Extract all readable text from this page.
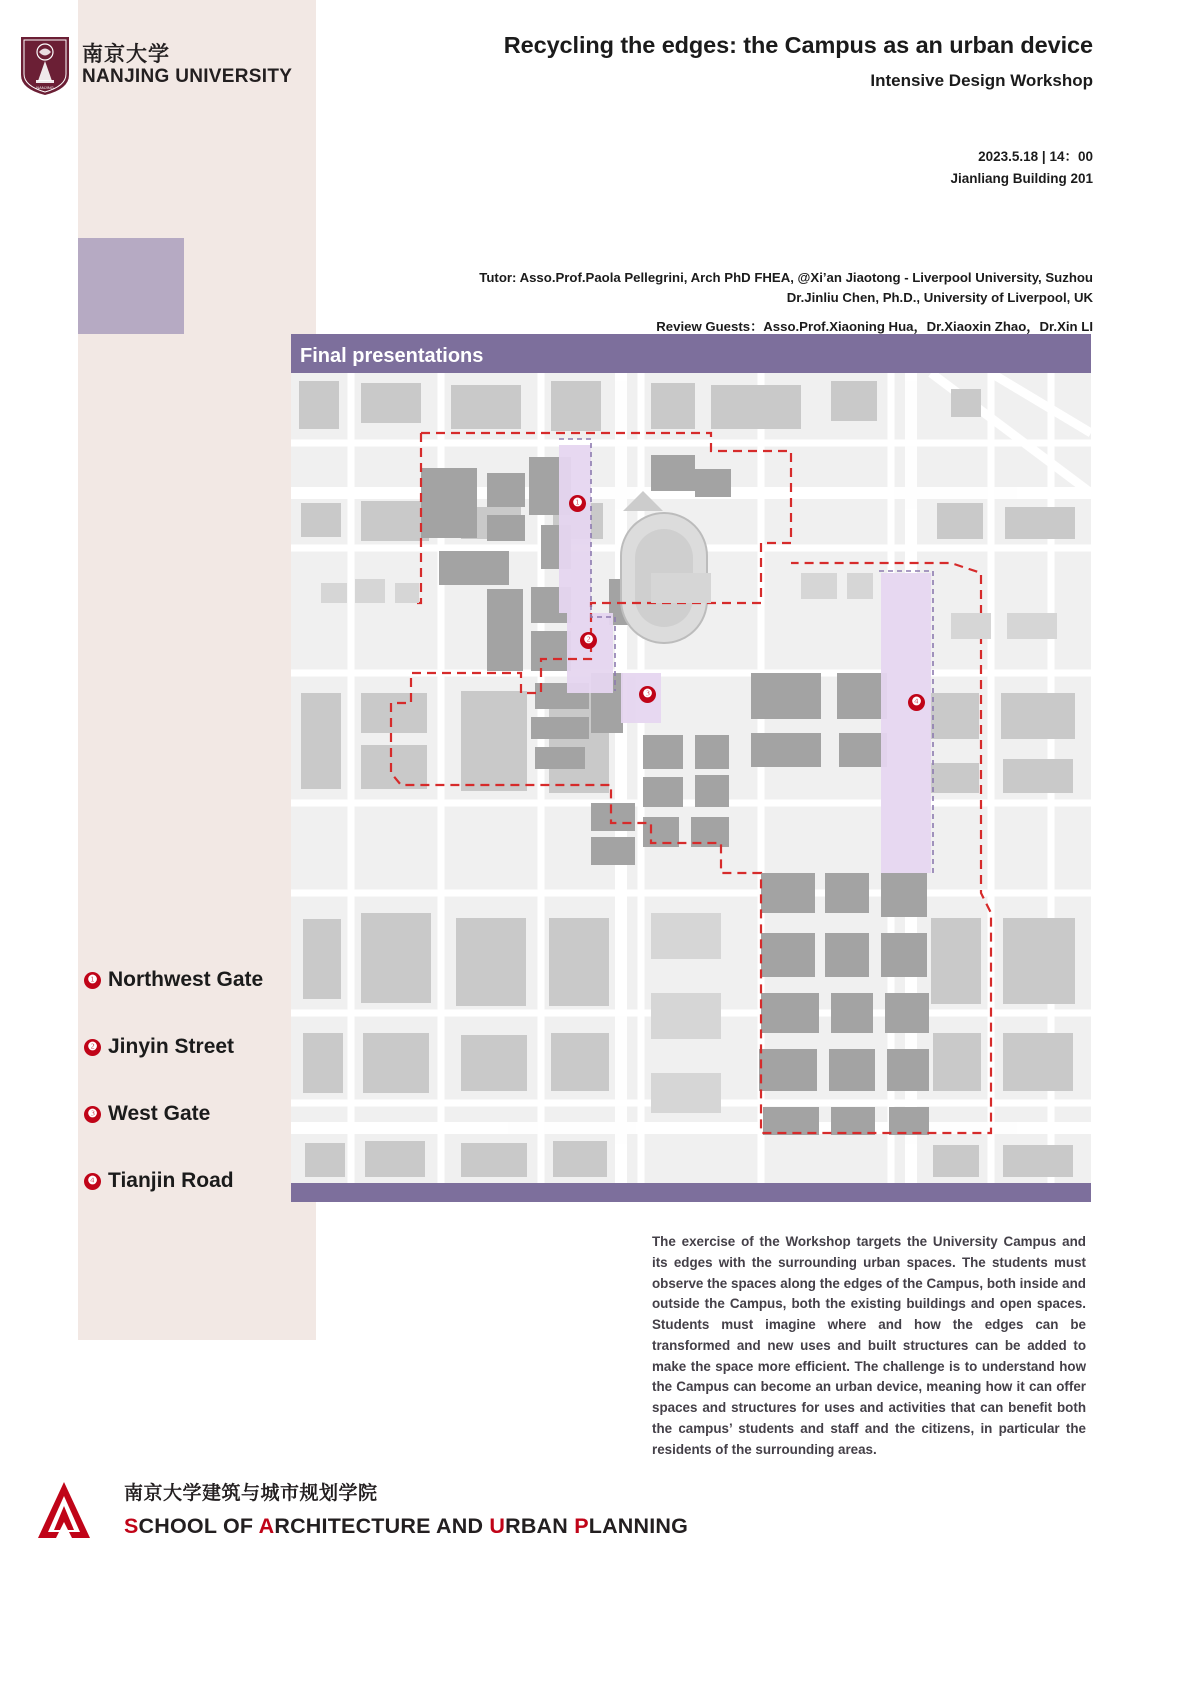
NANJING
南京大学
NANJING UNIVERSITY
Recycling the edges: the Campus as an urban device
Intensive Design Workshop
2023.5.18 | 14：00
Jianliang Building 201
Tutor: Asso.Prof.Paola Pellegrini, Arch PhD FHEA, @Xi’an Jiaotong - Liverpool University, Suzhou
Dr.Jinliu Chen, Ph.D., University of Liverpool, UK
Review Guests：Asso.Prof.Xiaoning Hua，Dr.Xiaoxin Zhao，Dr.Xin LI
Final presentations
❶
❷
❸
❹
❶ Northwest Gate
❷ Jinyin Street
❸ West Gate
❹ Tianjin Road
The exercise of the Workshop targets the University Campus and its edges with the surrounding urban spaces. The students must observe the spaces along the edges of the Campus, both inside and outside the Campus, both the existing buildings and open spaces. Students must imagine where and how the edges can be transformed and new uses and built structures can be added to make the space more efficient. The challenge is to understand how the Campus can become an urban device, meaning how it can offer spaces and structures for uses and activities that can benefit both the campus’ students and staff and the citizens, in particular the residents of the surrounding areas.
南京大学建筑与城市规划学院
SCHOOL OF ARCHITECTURE AND URBAN PLANNING
